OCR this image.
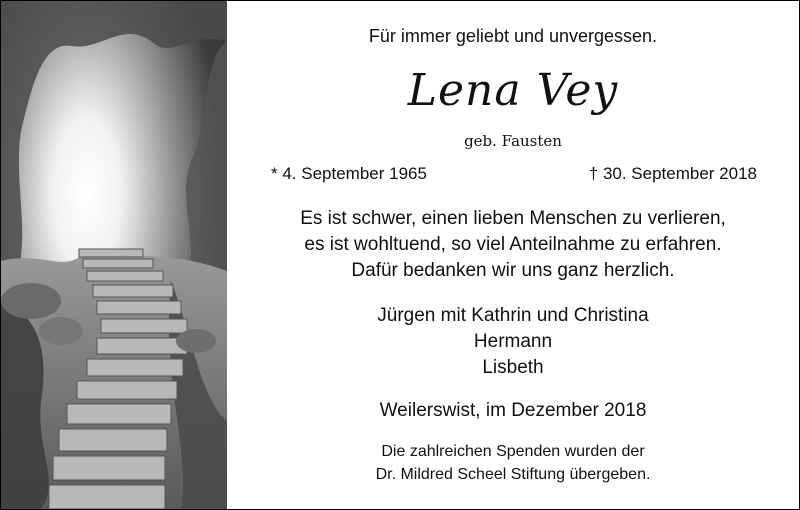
Für immer geliebt und unvergessen.
Lena Vey
geb. Fausten
* 4. September 1965	† 30. September 2018
Es ist schwer, einen lieben Menschen zu verlieren,
es ist wohltuend, so viel Anteilnahme zu erfahren.
Dafür bedanken wir uns ganz herzlich.
Jürgen mit Kathrin und Christina
Hermann
Lisbeth
Weilerswist, im Dezember 2018
Die zahlreichen Spenden wurden der
Dr. Mildred Scheel Stiftung übergeben.
